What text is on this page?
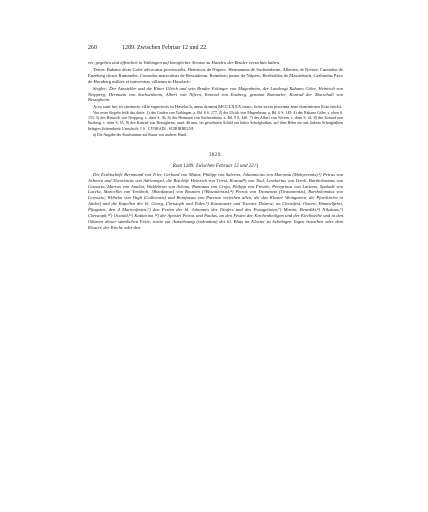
260	1289. Zwischen Februar 12 und 22.

ver, gegeben und öffentlich in Vaihingen auf königlicher Strasse zu Handen der Brüder verzichtet haben.

Testes: Rabano dicto Goler advocatus provincialis, Heinricus de Nitperc. Hermannus de Sachsenheim, Albertus de Nivera, Cunradus de Enzeberg dictus Rummeler. Cunradus marscalcus de Bessinkeim, Reimboto junior de Nitperc, Bertholdus de Massinbach, Gerhardus Pavo de Hornberg milites et universitas villarum in Haselach.

Siegler: Der Aussteller und die Ritter Ulrich und sein Bruder Erkinger von Magenheim, der Landvogt Rabano Göler, Heinrich von Neipperg, Hermann von Sachsenheim, Albert von Nifern, Konrad von Enzberg, genannt Rummeler, Konrad der Marschall von Bessigheim.

Acta sunt hec in cimiterio ville superioris in Haselach, anno domini MCCLXXX nono, feria sexta proxima ante dominicam Esto michi.

Von neun Siegeln fehlt das dritte. 1) des Grafen von Vaihingen, a. Bd. 6 S. 177. 2) des Ulrich von Magenheim, a. Bd. 6 S. 149. 4) des Rabano Göler, s. oben S. 153. 5) des Heinrich von Neipperg, s. oben S. 36. 6) des Hermann von Sachsenheim, a. Bd. 9 S. 440. 7) des Albert von Nivern, s. oben S. 24. 8) des Konrad von Enzberg, s. oben S. 65. 9) des Konrad von Bessigheim, rund, 46 mm, im gewöhnten Schild ein linker Schrägbalken, auf dem Helm ein mit linkem Schrägbalken belegtes Schirmbrett; Umschrift: † S . CVNRADI . SCHORRELNI.

a) Die Angabe der Kaufsumme auf Rasur von anderer Hand.

3829.
Rom 1289. Zwischen Februar 12 und 22.¹)

Die Erzbischöfe Bernmund von Trier, Gerhard von Mainz, Philipp von Salerno, Johannicius von Macrana (Mokycennis),²) Petrus von Arborea und Theoctistus von Adrianopel, die Bischöfe Heinrich von Triest, Konrad³) von Toul, Leotherius von Veroli, Bartholomäus von Grosseto, Marcus von Amelia, Waldebrun von Avlona, Romanus von Croja, Philipp von Fiesole, Peregrinus von Lariano, Spaladé von Lucela, Marcellin von Tortiboli, [Bonifazius] von Bosnien (?Bosoniensis),⁴) Petrus von Tiranzona (Tirasonensis), Bartholomäus von Grosseto, Wilhelm von Vagli (Calleensis) und Bonifazius von Parenzo verleihen allen, die das Kloster Weingarten, die Pfarrkirche in Altdorf und die Kapellen der hl. Georg, Christoph und Fides,⁵) Konstanzer und Trienter Diözese, an Christfest, Ostern, Himmelfahrt, Pfingsten, den 4 Marienfesten,⁶) den Festen der hl. Johannes des Täufers und des Evangelisten,⁷) Martin, Benedikt,⁸) Nikolaus,⁹) Christoph,¹⁰) Oswald,¹¹) Katharina,¹²) der Apostel Petrus und Paulus, an den Festen der Kirchenheiligen und der Kirchweihe und in den Oktaven dieser sämtlichen Feste, sowie zur Aussehnung (videndum) des hl. Bluts im Kloster zu beliebigen Tagen besuchen oder dem Kloster, der Kirche oder den
